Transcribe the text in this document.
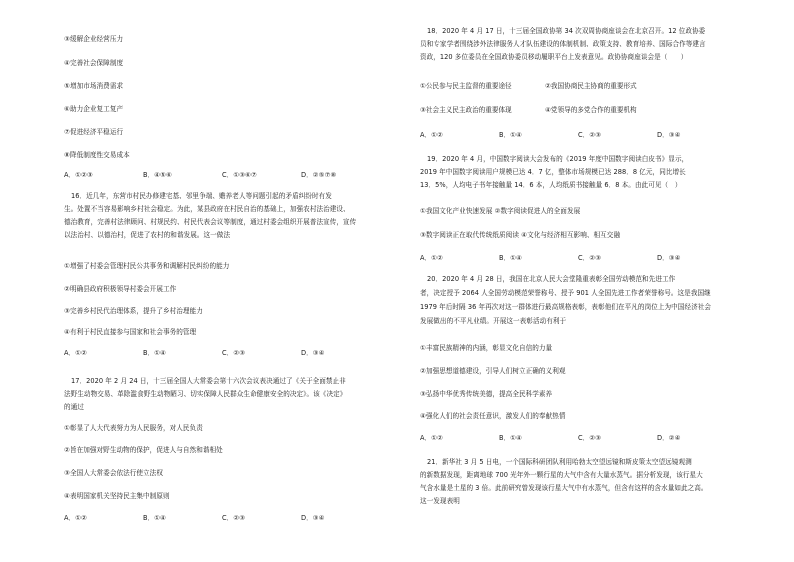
③缓解企业经营压力
④完善社会保障制度
⑤增加市场消费需求
⑥助力企业复工复产
⑦促进经济平稳运行
⑧降低制度性交易成本
A．①②③	B．④⑤⑥	C．①③⑥⑦	D．②⑤⑦⑧
16．近几年，东营市村民办修建宅基、邻里争端、赡养老人等问题引起的矛盾纠纷时有发
生。处置不当容易影响乡村社会稳定。为此，某县政府在村民自治的基础上，加强农村法治建设、
德治教育，完善村法律顾问、村规民约、村民代表会议等制度，通过村委会组织开展普法宣传，宣传
以法治村、以德治村，促进了农村的和谐发展。这一做法
①增强了村委会管理村民公共事务和调解村民纠纷的能力
②明确县政府积极领导村委会开展工作
③完善乡村民代治理体系，提升了乡村治理能力
④有利于村民直接参与国家和社会事务的管理
A．①②	B．①④	C．②③	D．③④
17．2020 年 2 月 24 日，十三届全国人大常委会第十六次会议表决通过了《关于全面禁止非
法野生动物交易、革除滥食野生动物陋习、切实保障人民群众生命健康安全的决定》。该《决定》
的通过
①彰显了人大代表努力为人民服务，对人民负责
②旨在加强对野生动物的保护，促进人与自然和谐相处
③全国人大常委会依法行使立法权
④表明国家机关坚持民主集中制原则
A．①②	B．①④	C．②③	D．③④
18．2020 年 4 月 17 日，十三届全国政协第 34 次双周协商座谈会在北京召开。12 位政协委
员和专家学者围绕涉外法律服务人才队伍建设的体制机制、政策支持、教育培养、国际合作等建言
资政，120 多位委员在全国政协委员移动履职平台上发表意见。政协协商座谈会是（　　）
①公民参与民主监督的重要途径	②我国协商民主协商的重要形式
③社会主义民主政治的重要体现	④党领导的多党合作的重要机构
A．①②	B．①④	C．②③	D．③④
19．2020 年 4 月，中国数字阅读大会发布的《2019 年度中国数字阅读白皮书》显示，
2019 年中国数字阅读用户规模已达 4．7 亿，整体市场规模已达 288．8 亿元，同比增长
13．5%，人均电子书年接触量 14．6 本，人均纸质书接触量 6．8 本。由此可见（　）
①我国文化产业快速发展 ②数字阅读促进人的全面发展
③数字阅读正在取代传统纸质阅读 ④文化与经济相互影响、相互交融
A．①②	B．①④	C．②③	D．③④
20．2020 年 4 月 28 日，我国在北京人民大会堂隆重表彰全国劳动模范和先进工作
者，决定授予 2064 人全国劳动模范荣誉称号、授予 901 人全国先进工作者荣誉称号。这是我国继
1979 年后时隔 36 年再次对这一群体进行最高规格表彰，表彰他们在平凡的岗位上为中国经济社会
发展做出的不平凡业绩。开展这一表彰活动有利于
①丰富民族精神的内涵，彰显文化自信的力量
②加强思想道德建设，引导人们树立正确的义利观
③弘扬中华优秀传统美德，提高全民科学素养
④强化人们的社会责任意识，激发人们的奉献热情
A．①②	B．①④	C．②③	D．②④
21．新华社 3 月 5 日电，一个国际科研团队利用哈勃太空望远镜和斯皮策太空望远镜观测
的新数据发现，距离地球 700 光年外一颗行星的大气中含有大量水蒸气。据分析发现，该行星大
气含水量是土星的 3 倍。此前研究曾发现该行星大气中有水蒸气，但含有这样的含水量如此之高。
这一发现表明
